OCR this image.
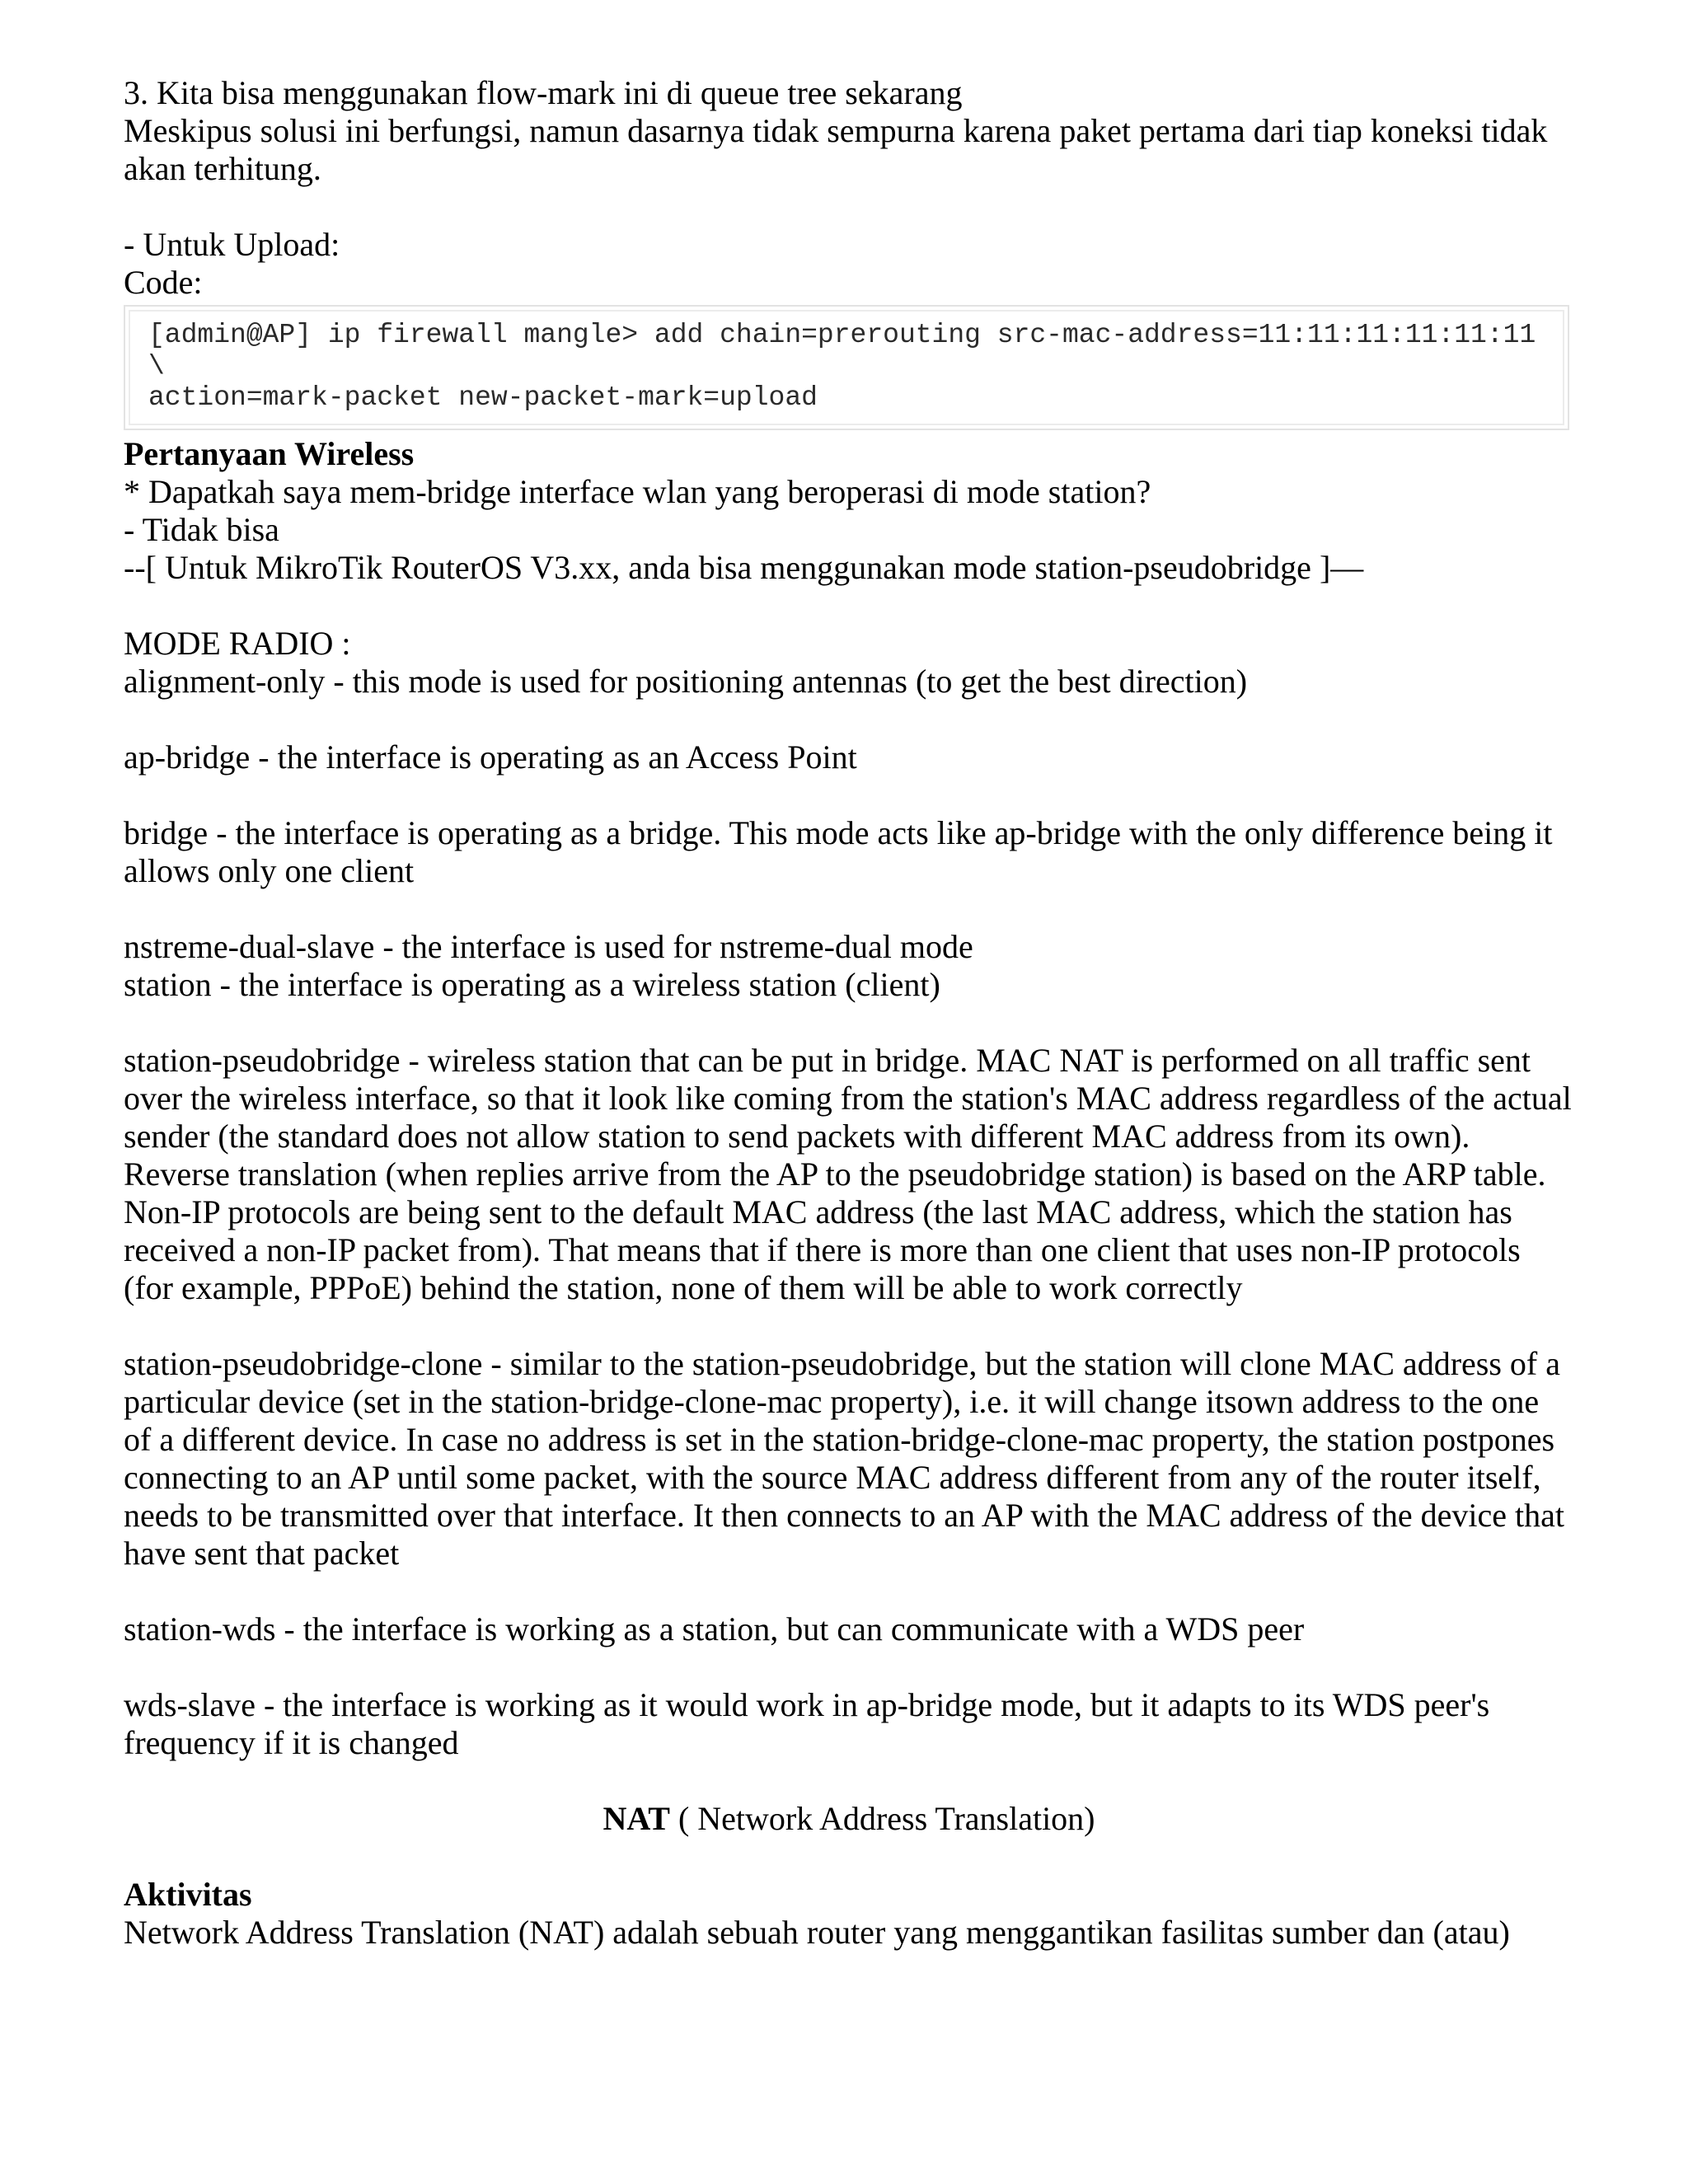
3. Kita bisa menggunakan flow-mark ini di queue tree sekarang
Meskipus solusi ini berfungsi, namun dasarnya tidak sempurna karena paket pertama dari tiap koneksi tidak akan terhitung.
- Untuk Upload:
Code:
[admin@AP] ip firewall mangle> add chain=prerouting src-mac-address=11:11:11:11:11:11
\
action=mark-packet new-packet-mark=upload
Pertanyaan Wireless
* Dapatkah saya mem-bridge interface wlan yang beroperasi di mode station?
- Tidak bisa
--[ Untuk MikroTik RouterOS V3.xx, anda bisa menggunakan mode station-pseudobridge ]—
MODE RADIO :
alignment-only - this mode is used for positioning antennas (to get the best direction)
ap-bridge - the interface is operating as an Access Point
bridge - the interface is operating as a bridge. This mode acts like ap-bridge with the only difference being it allows only one client
nstreme-dual-slave - the interface is used for nstreme-dual mode
station - the interface is operating as a wireless station (client)
station-pseudobridge - wireless station that can be put in bridge. MAC NAT is performed on all traffic sent over the wireless interface, so that it look like coming from the station's MAC address regardless of the actual sender (the standard does not allow station to send packets with different MAC address from its own). Reverse translation (when replies arrive from the AP to the pseudobridge station) is based on the ARP table. Non-IP protocols are being sent to the default MAC address (the last MAC address, which the station has received a non-IP packet from). That means that if there is more than one client that uses non-IP protocols (for example, PPPoE) behind the station, none of them will be able to work correctly
station-pseudobridge-clone - similar to the station-pseudobridge, but the station will clone MAC address of a particular device (set in the station-bridge-clone-mac property), i.e. it will change itsown address to the one of a different device. In case no address is set in the station-bridge-clone-mac property, the station postpones connecting to an AP until some packet, with the source MAC address different from any of the router itself, needs to be transmitted over that interface. It then connects to an AP with the MAC address of the device that have sent that packet
station-wds - the interface is working as a station, but can communicate with a WDS peer
wds-slave - the interface is working as it would work in ap-bridge mode, but it adapts to its WDS peer's frequency if it is changed
NAT ( Network Address Translation)
Aktivitas
Network Address Translation (NAT) adalah sebuah router yang menggantikan fasilitas sumber dan (atau)
